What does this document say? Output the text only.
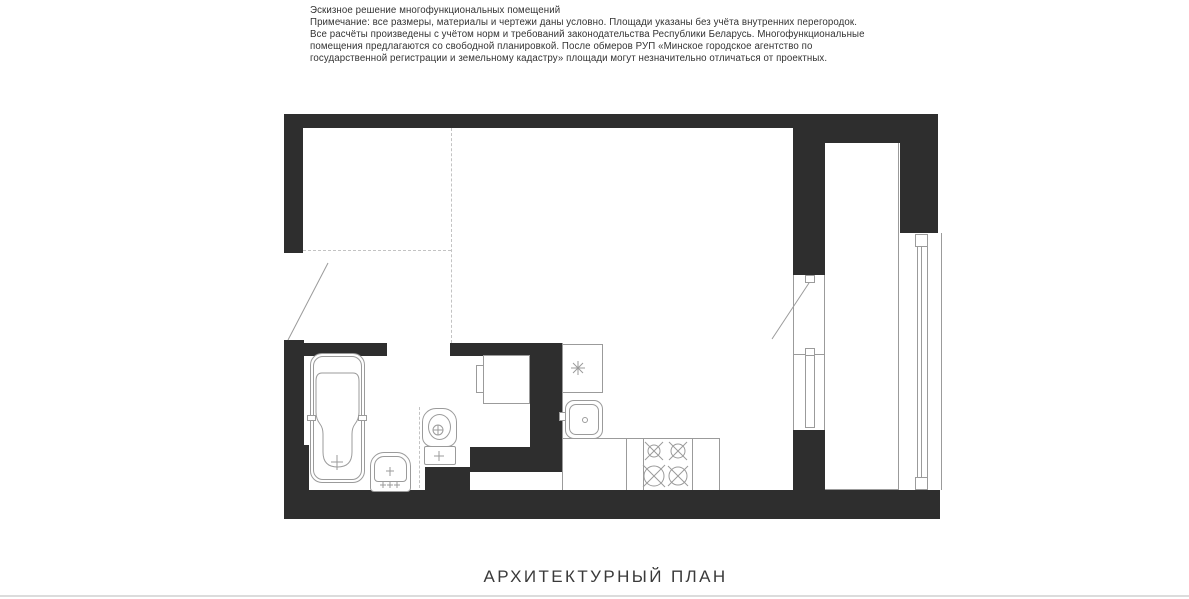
Эскизное решение многофункциональных помещений
Примечание: все размеры, материалы и чертежи даны условно. Площади указаны без учёта внутренних перегородок.
Все расчёты произведены с учётом норм и требований законодательства Республики Беларусь. Многофункциональные
помещения предлагаются со свободной планировкой. После обмеров РУП «Минское городское агентство по
государственной регистрации и земельному кадастру» площади могут незначительно отличаться от проектных.
АРХИТЕКТУРНЫЙ ПЛАН
